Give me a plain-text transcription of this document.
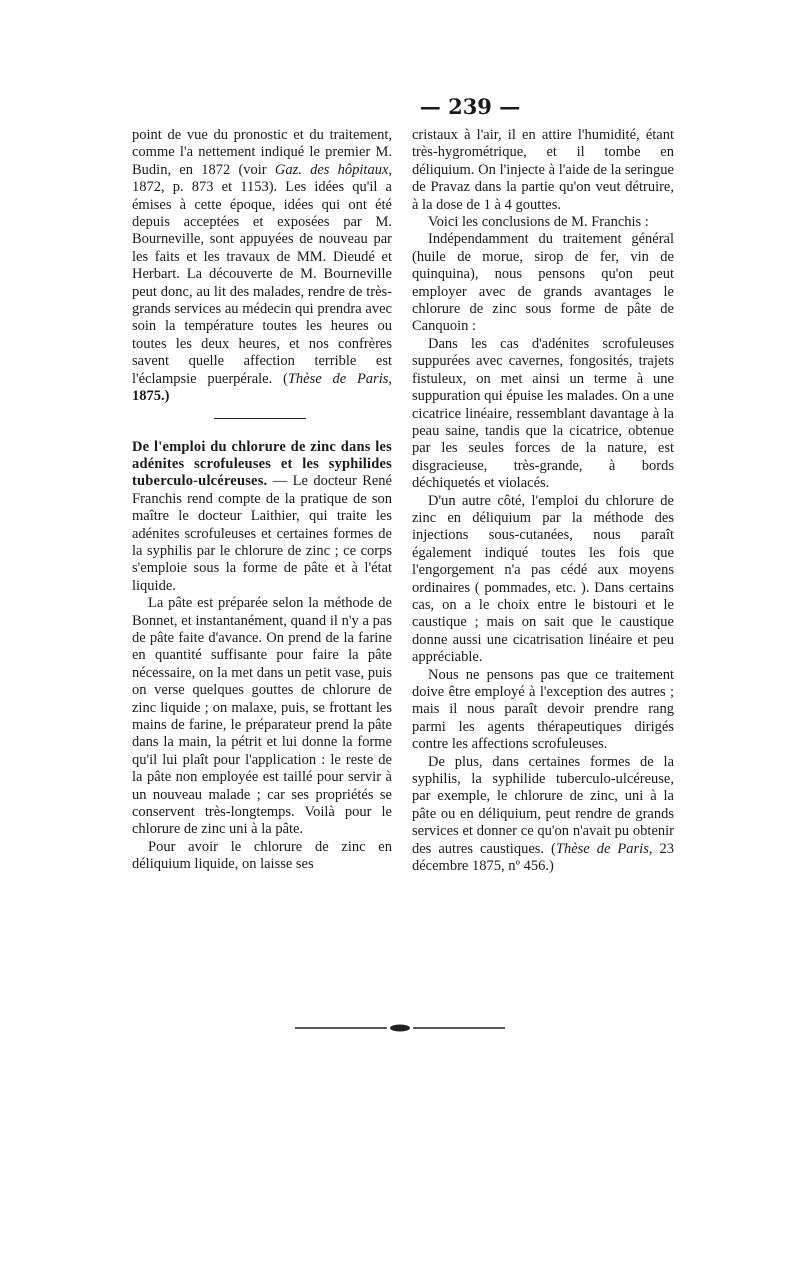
— 239 —

point de vue du pronostic et du traitement, comme l'a nettement indiqué le premier M. Budin, en 1872 (voir Gaz. des hôpitaux, 1872, p. 873 et 1153). Les idées qu'il a émises à cette époque, idées qui ont été depuis acceptées et exposées par M. Bourneville, sont appuyées de nouveau par les faits et les travaux de MM. Dieudé et Herbart. La découverte de M. Bourneville peut donc, au lit des malades, rendre de très-grands services au médecin qui prendra avec soin la température toutes les heures ou toutes les deux heures, et nos confrères savent quelle affection terrible est l'éclampsie puerpérale. (Thèse de Paris, 1875.)

De l'emploi du chlorure de zinc dans les adénites scrofuleuses et les syphilides tuberculo-ulcéreuses. — Le docteur René Franchis rend compte de la pratique de son maître le docteur Laithier, qui traite les adénites scrofuleuses et certaines formes de la syphilis par le chlorure de zinc ; ce corps s'emploie sous la forme de pâte et à l'état liquide.

La pâte est préparée selon la méthode de Bonnet, et instantanément, quand il n'y a pas de pâte faite d'avance. On prend de la farine en quantité suffisante pour faire la pâte nécessaire, on la met dans un petit vase, puis on verse quelques gouttes de chlorure de zinc liquide ; on malaxe, puis, se frottant les mains de farine, le préparateur prend la pâte dans la main, la pétrit et lui donne la forme qu'il lui plaît pour l'application : le reste de la pâte non employée est taillé pour servir à un nouveau malade ; car ses propriétés se conservent très-longtemps. Voilà pour le chlorure de zinc uni à la pâte.

Pour avoir le chlorure de zinc en déliquium liquide, on laisse ses

cristaux à l'air, il en attire l'humidité, étant très-hygrométrique, et il tombe en déliquium. On l'injecte à l'aide de la seringue de Pravaz dans la partie qu'on veut détruire, à la dose de 1 à 4 gouttes.

Voici les conclusions de M. Franchis :

Indépendamment du traitement général (huile de morue, sirop de fer, vin de quinquina), nous pensons qu'on peut employer avec de grands avantages le chlorure de zinc sous forme de pâte de Canquoin :

Dans les cas d'adénites scrofuleuses suppurées avec cavernes, fongosités, trajets fistuleux, on met ainsi un terme à une suppuration qui épuise les malades. On a une cicatrice linéaire, ressemblant davantage à la peau saine, tandis que la cicatrice, obtenue par les seules forces de la nature, est disgracieuse, très-grande, à bords déchiquetés et violacés.

D'un autre côté, l'emploi du chlorure de zinc en déliquium par la méthode des injections sous-cutanées, nous paraît également indiqué toutes les fois que l'engorgement n'a pas cédé aux moyens ordinaires ( pommades, etc. ). Dans certains cas, on a le choix entre le bistouri et le caustique ; mais on sait que le caustique donne aussi une cicatrisation linéaire et peu appréciable.

Nous ne pensons pas que ce traitement doive être employé à l'exception des autres ; mais il nous paraît devoir prendre rang parmi les agents thérapeutiques dirigés contre les affections scrofuleuses.

De plus, dans certaines formes de la syphilis, la syphilide tuberculo-ulcéreuse, par exemple, le chlorure de zinc, uni à la pâte ou en déliquium, peut rendre de grands services et donner ce qu'on n'avait pu obtenir des autres caustiques. (Thèse de Paris, 23 décembre 1875, nº 456.)
